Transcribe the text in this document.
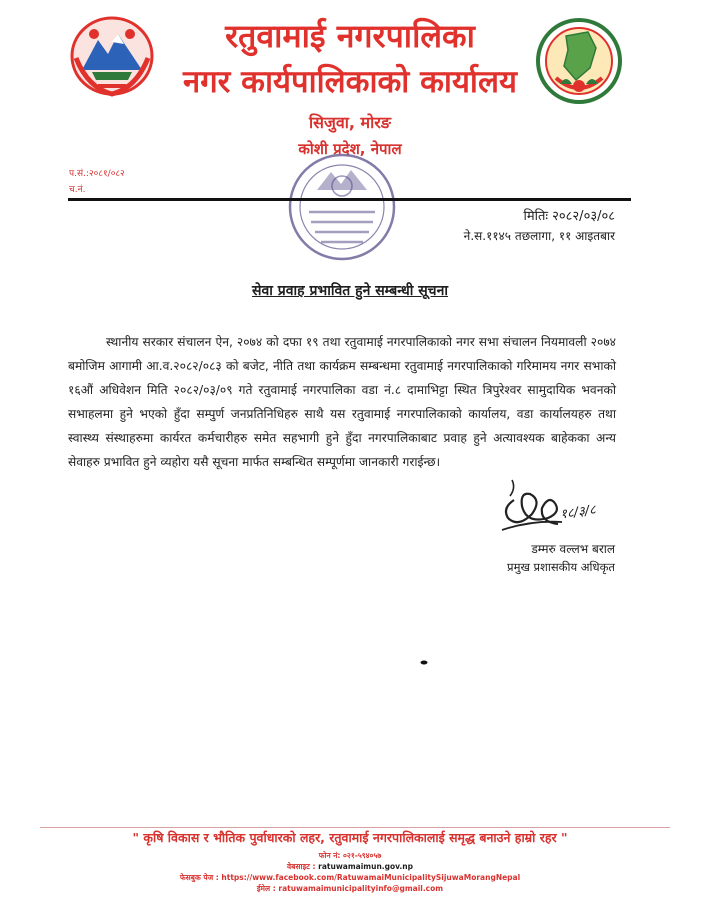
रतुवामाई नगरपालिका
नगर कार्यपालिकाको कार्यालय
सिजुवा, मोरङ
कोशी प्रदेश, नेपाल
प.सं.:२०८१/०८२
च.नं.
मितिः २०८२/०३/०८
ने.स.११४५ तछलागा, ११ आइतबार
सेवा प्रवाह प्रभावित हुने सम्बन्धी सूचना

स्थानीय सरकार संचालन ऐन, २०७४ को दफा १९ तथा रतुवामाई नगरपालिकाको नगर सभा संचालन नियमावली २०७४ बमोजिम आगामी आ.व.२०८२/०८३ को बजेट, नीति तथा कार्यक्रम सम्बन्धमा रतुवामाई नगरपालिकाको गरिमामय नगर सभाको १६औं अधिवेशन मिति २०८२/०३/०९ गते रतुवामाई नगरपालिका वडा नं.८ दामाभिट्टा स्थित त्रिपुरेश्वर सामुदायिक भवनको सभाहलमा हुने भएको हुँदा सम्पुर्ण जनप्रतिनिधिहरु साथै यस रतुवामाई नगरपालिकाको कार्यालय, वडा कार्यालयहरु तथा स्वास्थ्य संस्थाहरुमा कार्यरत कर्मचारीहरु समेत सहभागी हुने हुँदा नगरपालिकाबाट प्रवाह हुने अत्यावश्यक बाहेकका अन्य सेवाहरु प्रभावित हुने व्यहोरा यसै सूचना मार्फत सम्बन्धित सम्पूर्णमा जानकारी गराईन्छ।

१८/३/८
डम्मरु वल्लभ बराल
प्रमुख प्रशासकीय अधिकृत
" कृषि विकास र भौतिक पुर्वाधारको लहर, रतुवामाई नगरपालिकालाई समृद्ध बनाउने हाम्रो रहर "
फोन नं: ०२१-५९४०५७
वेबसाइट : ratuwamaimun.gov.np
फेसबुक पेज : https://www.facebook.com/RatuwamaiMunicipalitySijuwaMorangNepal
ईमेल : ratuwamaimunicipalityinfo@gmail.com
